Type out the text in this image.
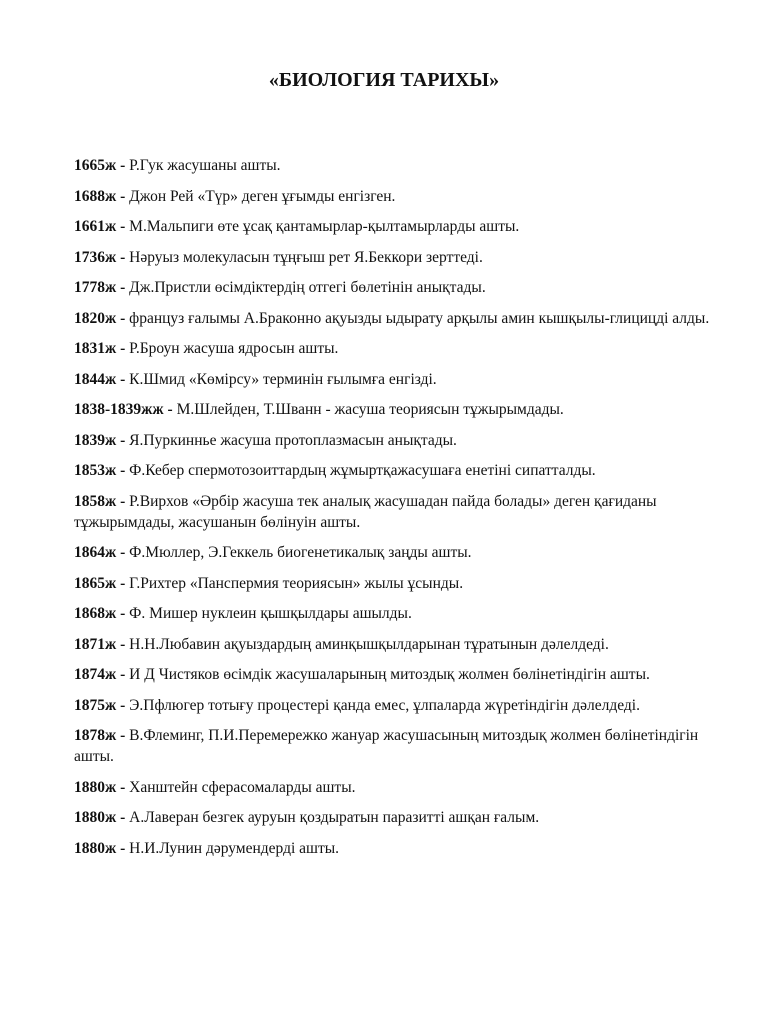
«БИОЛОГИЯ ТАРИХЫ»
1665ж - Р.Гук жасушаны ашты.
1688ж - Джон Рей «Түр» деген ұғымды енгізген.
1661ж - М.Мальпиги өте ұсақ қантамырлар-қылтамырларды ашты.
1736ж - Нәруыз молекуласын тұңғыш рет Я.Беккори зерттеді.
1778ж - Дж.Пристли өсімдіктердің отгегі бөлетінін анықтады.
1820ж - француз ғалымы А.Браконно ақуызды ыдырату арқылы амин кышқылы-глицицді алды.
1831ж - Р.Броун жасуша ядросын ашты.
1844ж - К.Шмид «Көмірсу» терминін ғылымға енгізді.
1838-1839жж - М.Шлейден, Т.Шванн - жасуша теориясын тұжырымдады.
1839ж - Я.Пуркинньe жасуша протоплазмасын анықтады.
1853ж - Ф.Кебер спермотозоиттардың жұмыртқажасушаға енетіні сипатталды.
1858ж - Р.Вирхов «Әрбір жасуша тек аналық жасушадан пайда болады» деген қағиданы тұжырымдады, жасушанын бөлінуін ашты.
1864ж - Ф.Мюллер, Э.Геккель биогенетикалық заңды ашты.
1865ж - Г.Рихтер «Панспермия теориясын» жылы ұсынды.
1868ж - Ф. Мишер нуклеин қышқылдары ашылды.
1871ж - Н.Н.Любавин ақуыздардың аминқышқылдарынан тұратынын дәлелдеді.
1874ж - И Д Чистяков өсімдік жасушаларының митоздық жолмен бөлінетіндігін ашты.
1875ж - Э.Пфлюгер тотығу процестері қанда емес, ұлпаларда жүретіндігін дәлелдеді.
1878ж - В.Флеминг, П.И.Перемережко жануар жасушасының митоздық жолмен бөлінетіндігін ашты.
1880ж - Ханштейн сферасомаларды ашты.
1880ж - А.Лаверан безгек ауруын қоздыратын паразитті ашқан ғалым.
1880ж - Н.И.Лунин дәрумендерді ашты.
